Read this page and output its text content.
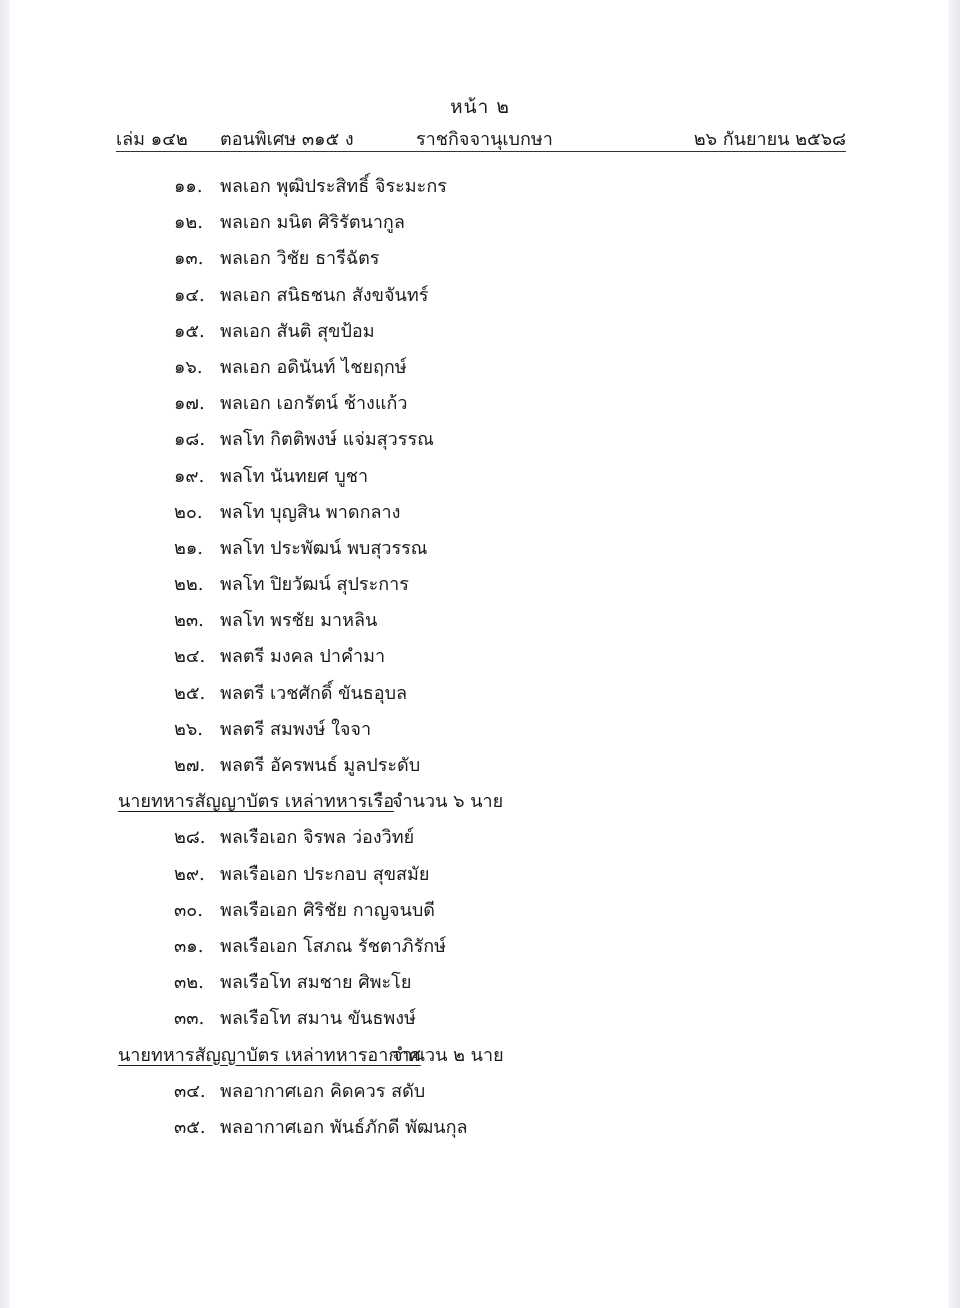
หน้า ๒
เล่ม ๑๔๒ ตอนพิเศษ ๓๑๕ ง	ราชกิจจานุเบกษา	๒๖ กันยายน ๒๕๖๘
๑๑. พลเอก พุฒิประสิทธิ์ จิระมะกร
๑๒. พลเอก มนิต ศิริรัตนากูล
๑๓. พลเอก วิชัย ธารีฉัตร
๑๔. พลเอก สนิธชนก สังขจันทร์
๑๕. พลเอก สันติ สุขป้อม
๑๖. พลเอก อดินันท์ ไชยฤกษ์
๑๗. พลเอก เอกรัตน์ ช้างแก้ว
๑๘. พลโท กิตติพงษ์ แจ่มสุวรรณ
๑๙. พลโท นันทยศ บูชา
๒๐. พลโท บุญสิน พาดกลาง
๒๑. พลโท ประพัฒน์ พบสุวรรณ
๒๒. พลโท ปิยวัฒน์ สุประการ
๒๓. พลโท พรชัย มาหลิน
๒๔. พลตรี มงคล ปาคำมา
๒๕. พลตรี เวชศักดิ์ ขันธอุบล
๒๖. พลตรี สมพงษ์ ใจจา
๒๗. พลตรี อัครพนธ์ มูลประดับ
นายทหารสัญญาบัตร เหล่าทหารเรือ
จำนวน ๖ นาย
๒๘. พลเรือเอก จิรพล ว่องวิทย์
๒๙. พลเรือเอก ประกอบ สุขสมัย
๓๐. พลเรือเอก ศิริชัย กาญจนบดี
๓๑. พลเรือเอก โสภณ รัชตาภิรักษ์
๓๒. พลเรือโท สมชาย ศิพะโย
๓๓. พลเรือโท สมาน ขันธพงษ์
นายทหารสัญญาบัตร เหล่าทหารอากาศ
จำนวน ๒ นาย
๓๔. พลอากาศเอก คิดควร สดับ
๓๕. พลอากาศเอก พันธ์ภักดี พัฒนกุล
